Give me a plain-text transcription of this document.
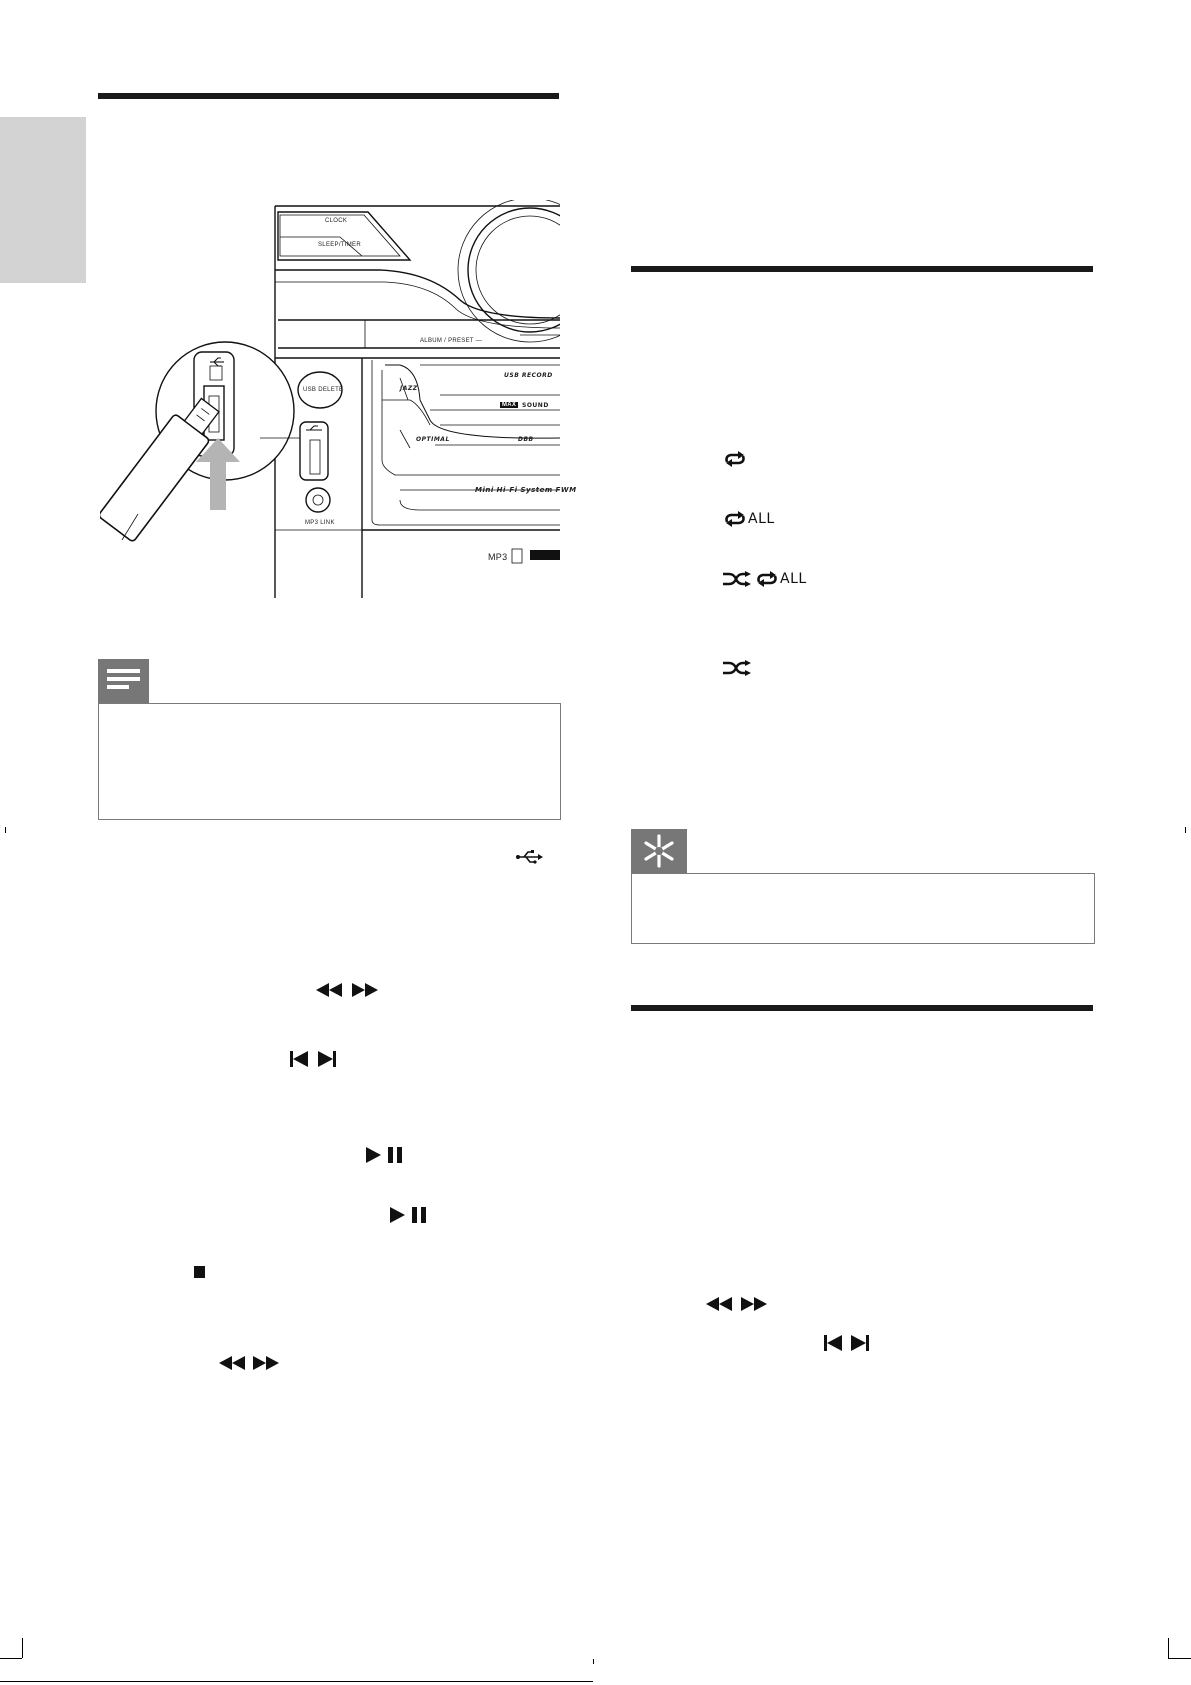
CLOCK
SLEEP/TIMER
ALBUM / PRESET —
USB RECORD
MAX SOUND
JAZZ
OPTIMAL	DBB
USB DELETE
MP3 LINK
Mini Hi-Fi System FWM
MP3
ALL
ALL
